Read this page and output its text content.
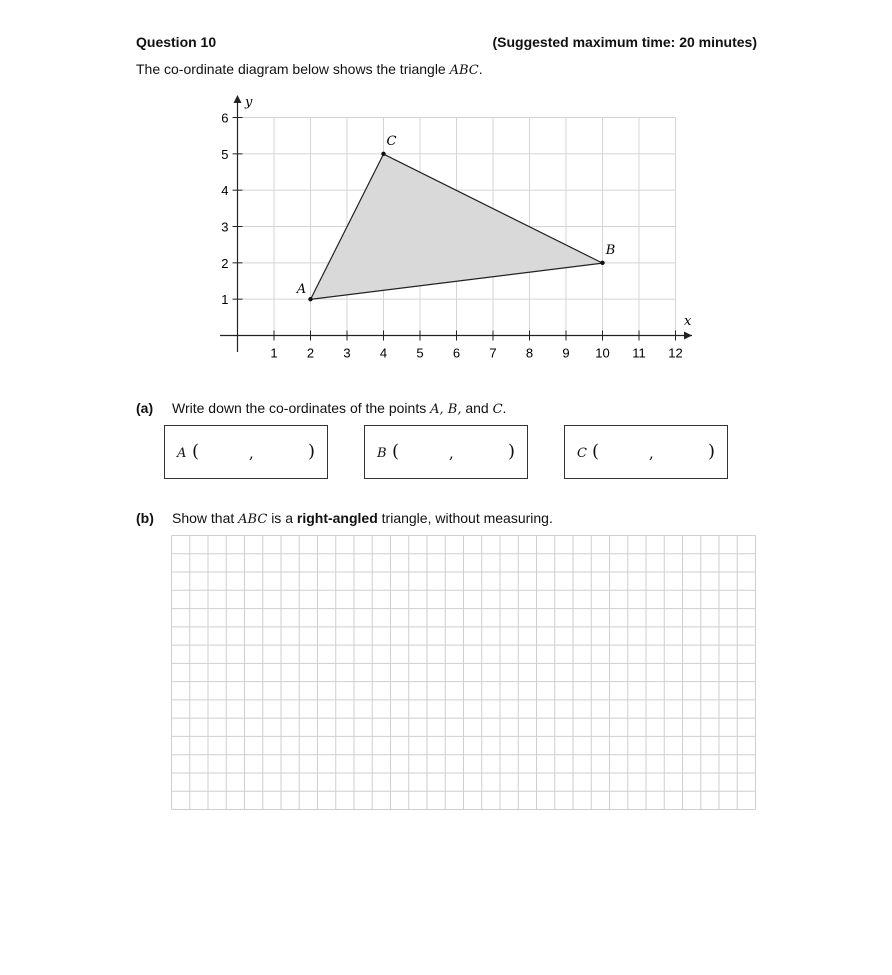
Question 10	(Suggested maximum time: 20 minutes)
The co-ordinate diagram below shows the triangle ABC.
1 2 3 4 5 6 7 8 9 10 11 12
1
2
3
4
5
6
A
B
C
x
y
(a) Write down the co-ordinates of the points A, B, and C.
A (	,	)	B (	,	)	C (	,	)
(b) Show that ABC is a right-angled triangle, without measuring.
